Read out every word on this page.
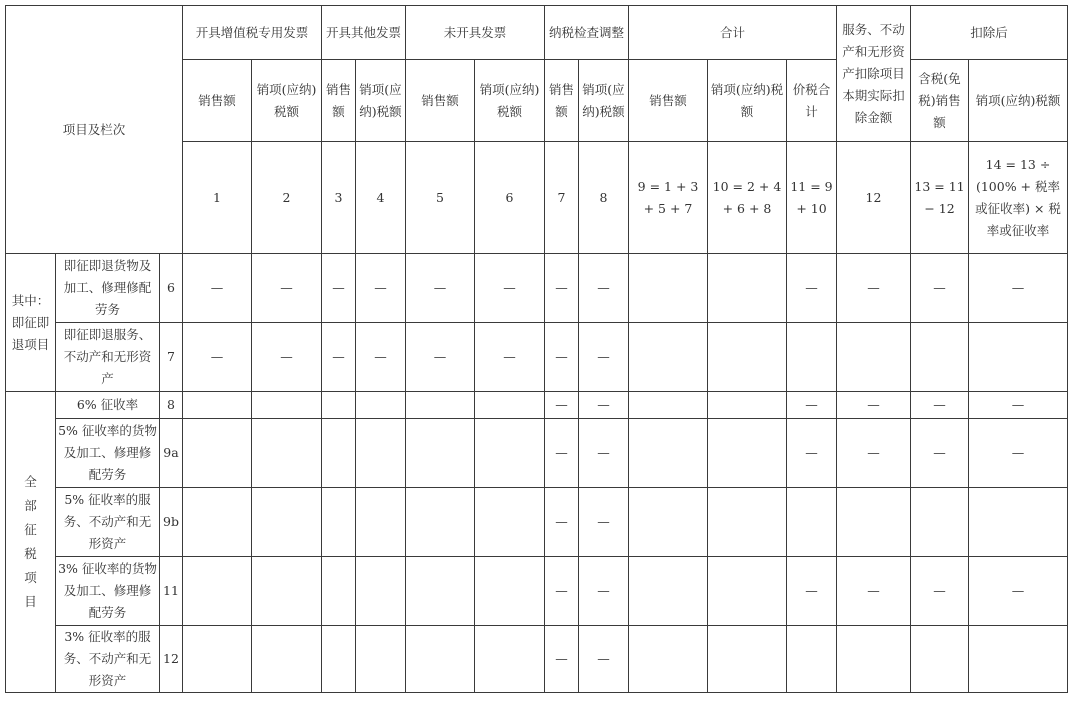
项目及栏次			开具增值税专用发票		开具其他发票		未开具发票		纳税检查调整		合计			服务、不动产和无形资产扣除项目本期实际扣除金额	扣除后	
			销售额	销项(应纳)税额	销售额	销项(应纳)税额	销售额	销项(应纳)税额	销售额	销项(应纳)税额	销售额	销项(应纳)税额	价税合计		含税(免税)销售额	销项(应纳)税额
			1	2	3	4	5	6	7	8	9 = 1 + 3 + 5 + 7	10 = 2 + 4 + 6 + 8	11 = 9 + 10	12	13 = 11 − 12	14 = 13 ÷ (100% + 税率或征收率) × 税率或征收率
其中：即征即退项目	即征即退货物及加工、修理修配劳务	6	—	—	—	—	—	—	—	—			—	—	—	—
	即征即退服务、不动产和无形资产	7	—	—	—	—	—	—	—	—						
全部征税项目	6% 征收率	8							—	—			—	—	—	—
	5% 征收率的货物及加工、修理修配劳务	9a							—	—			—	—	—	—
	5% 征收率的服务、不动产和无形资产	9b							—	—						
	3% 征收率的货物及加工、修理修配劳务	11							—	—			—	—	—	—
	3% 征收率的服务、不动产和无形资产	12							—	—						
